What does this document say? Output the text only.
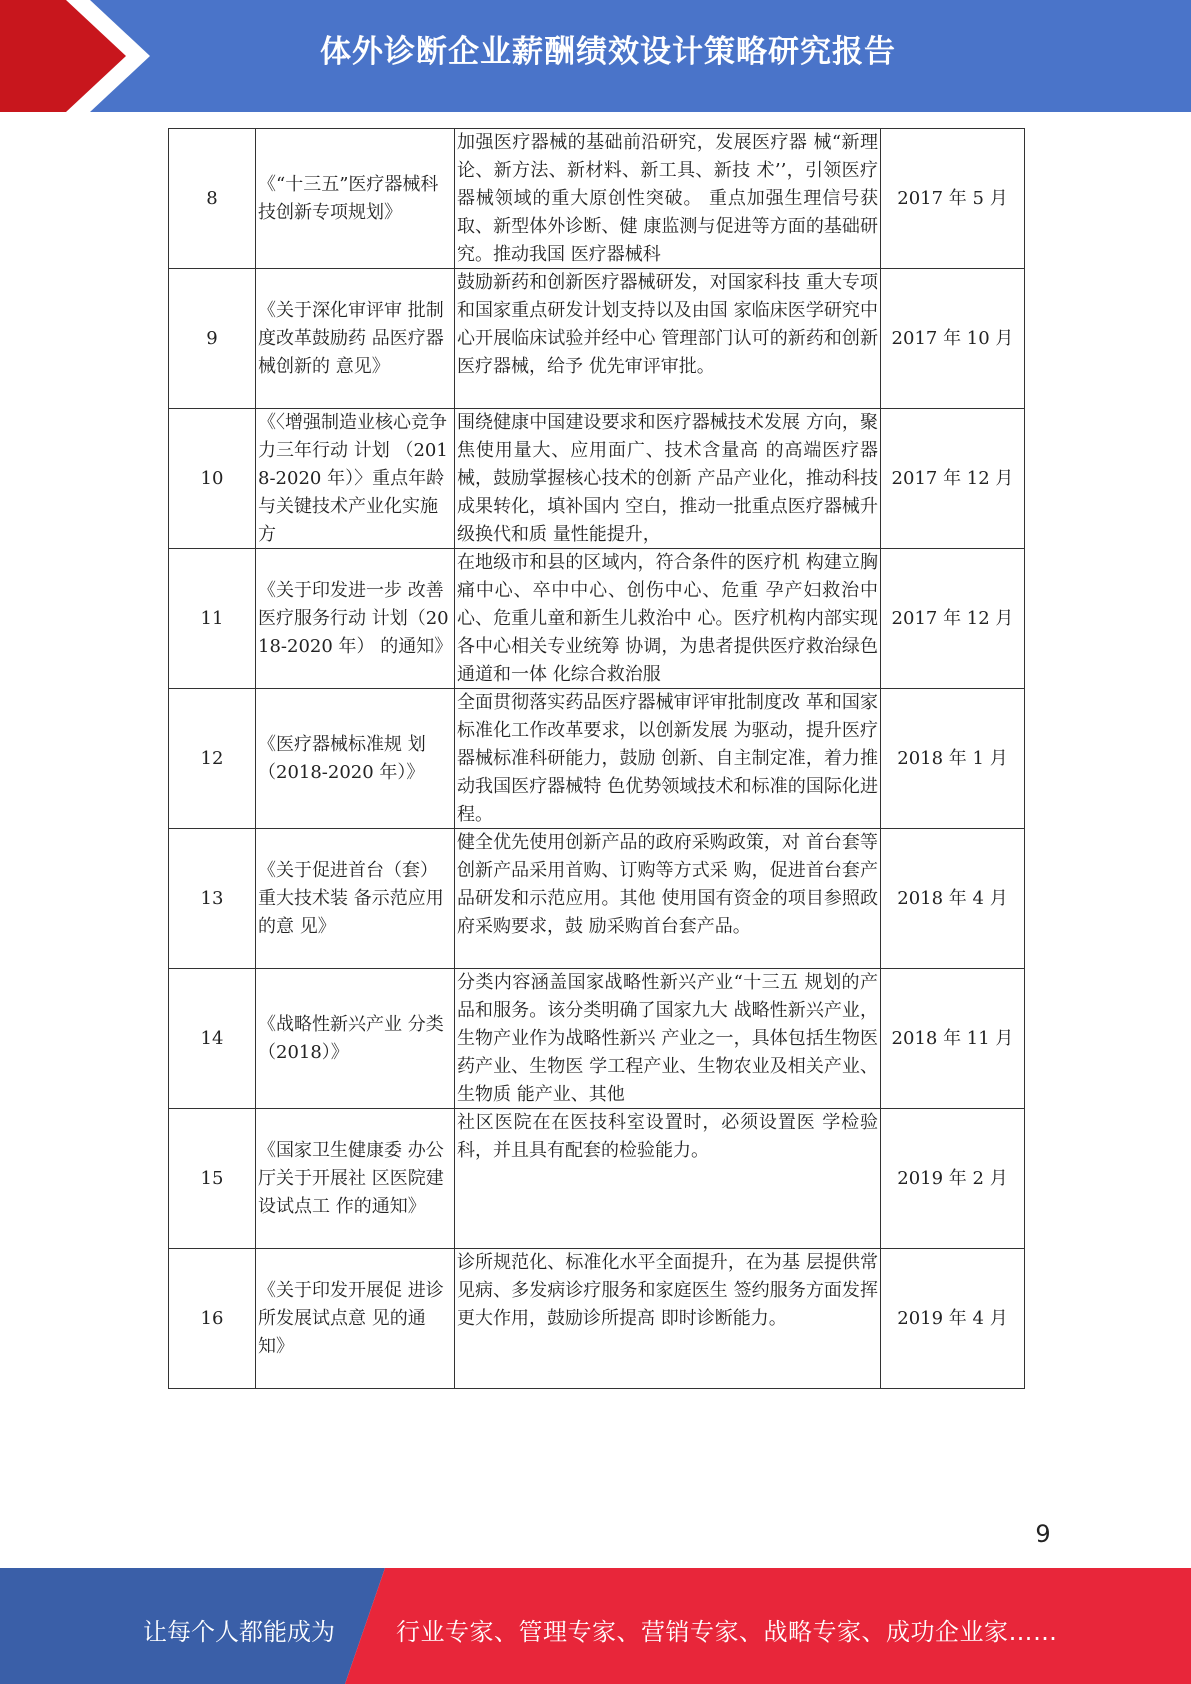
体外诊断企业薪酬绩效设计策略研究报告
8	《“十三五”医疗器械科技创新专项规划》	加强医疗器械的基础前沿研究，发展医疗器 械“新理论、新方法、新材料、新工具、新技 术’’，引领医疗器械领域的重大原创性突破。 重点加强生理信号获取、新型体外诊断、健 康监测与促进等方面的基础研究。推动我国 医疗器械科	2017 年 5 月

9	《关于深化审评审 批制度改革鼓励药 品医疗器械创新的 意见》	鼓励新药和创新医疗器械研发，对国家科技 重大专项和国家重点研发计划支持以及由国 家临床医学研究中心开展临床试验并经中心 管理部门认可的新药和创新医疗器械，给予 优先审评审批。	2017 年 10 月

10	《〈增强制造业核心竞争力三年行动 计划 （2018-2020 年）〉重点年龄与关键技术产业化实施 方	围绕健康中国建设要求和医疗器械技术发展 方向，聚焦使用量大、应用面广、技术含量高 的高端医疗器械，鼓励掌握核心技术的创新 产品产业化，推动科技成果转化，填补国内 空白，推动一批重点医疗器械升级换代和质 量性能提升，	2017 年 12 月

11	《关于印发进一步 改善医疗服务行动 计划（2018-2020 年） 的通知》	在地级市和县的区域内，符合条件的医疗机 构建立胸痛中心、卒中中心、创伤中心、危重 孕产妇救治中心、危重儿童和新生儿救治中 心。医疗机构内部实现各中心相关专业统筹 协调，为患者提供医疗救治绿色通道和一体 化综合救治服	2017 年 12 月

12	《医疗器械标准规 划（2018-2020 年）》	全面贯彻落实药品医疗器械审评审批制度改 革和国家标准化工作改革要求，以创新发展 为驱动，提升医疗器械标准科研能力，鼓励 创新、自主制定准，着力推动我国医疗器械特 色优势领域技术和标准的国际化进程。	2018 年 1 月

13	《关于促进首台（套）重大技术装 备示范应用的意 见》	健全优先使用创新产品的政府采购政策，对 首台套等创新产品采用首购、订购等方式采 购，促进首台套产品研发和示范应用。其他 使用国有资金的项目参照政府采购要求，鼓 励采购首台套产品。	2018 年 4 月

14	《战略性新兴产业 分类（2018）》	分类内容涵盖国家战略性新兴产业“十三五 规划的产品和服务。该分类明确了国家九大 战略性新兴产业，生物产业作为战略性新兴 产业之一，具体包括生物医药产业、生物医 学工程产业、生物农业及相关产业、生物质 能产业、其他	2018 年 11 月

15	《国家卫生健康委 办公厅关于开展社 区医院建设试点工 作的通知》	社区医院在在医技科室设置时，必须设置医 学检验科，并且具有配套的检验能力。	2019 年 2 月

16	《关于印发开展促 进诊所发展试点意 见的通知》	诊所规范化、标准化水平全面提升，在为基 层提供常见病、多发病诊疗服务和家庭医生 签约服务方面发挥更大作用，鼓励诊所提高 即时诊断能力。	2019 年 4 月
9
让每个人都能成为	行业专家、管理专家、营销专家、战略专家、成功企业家……
